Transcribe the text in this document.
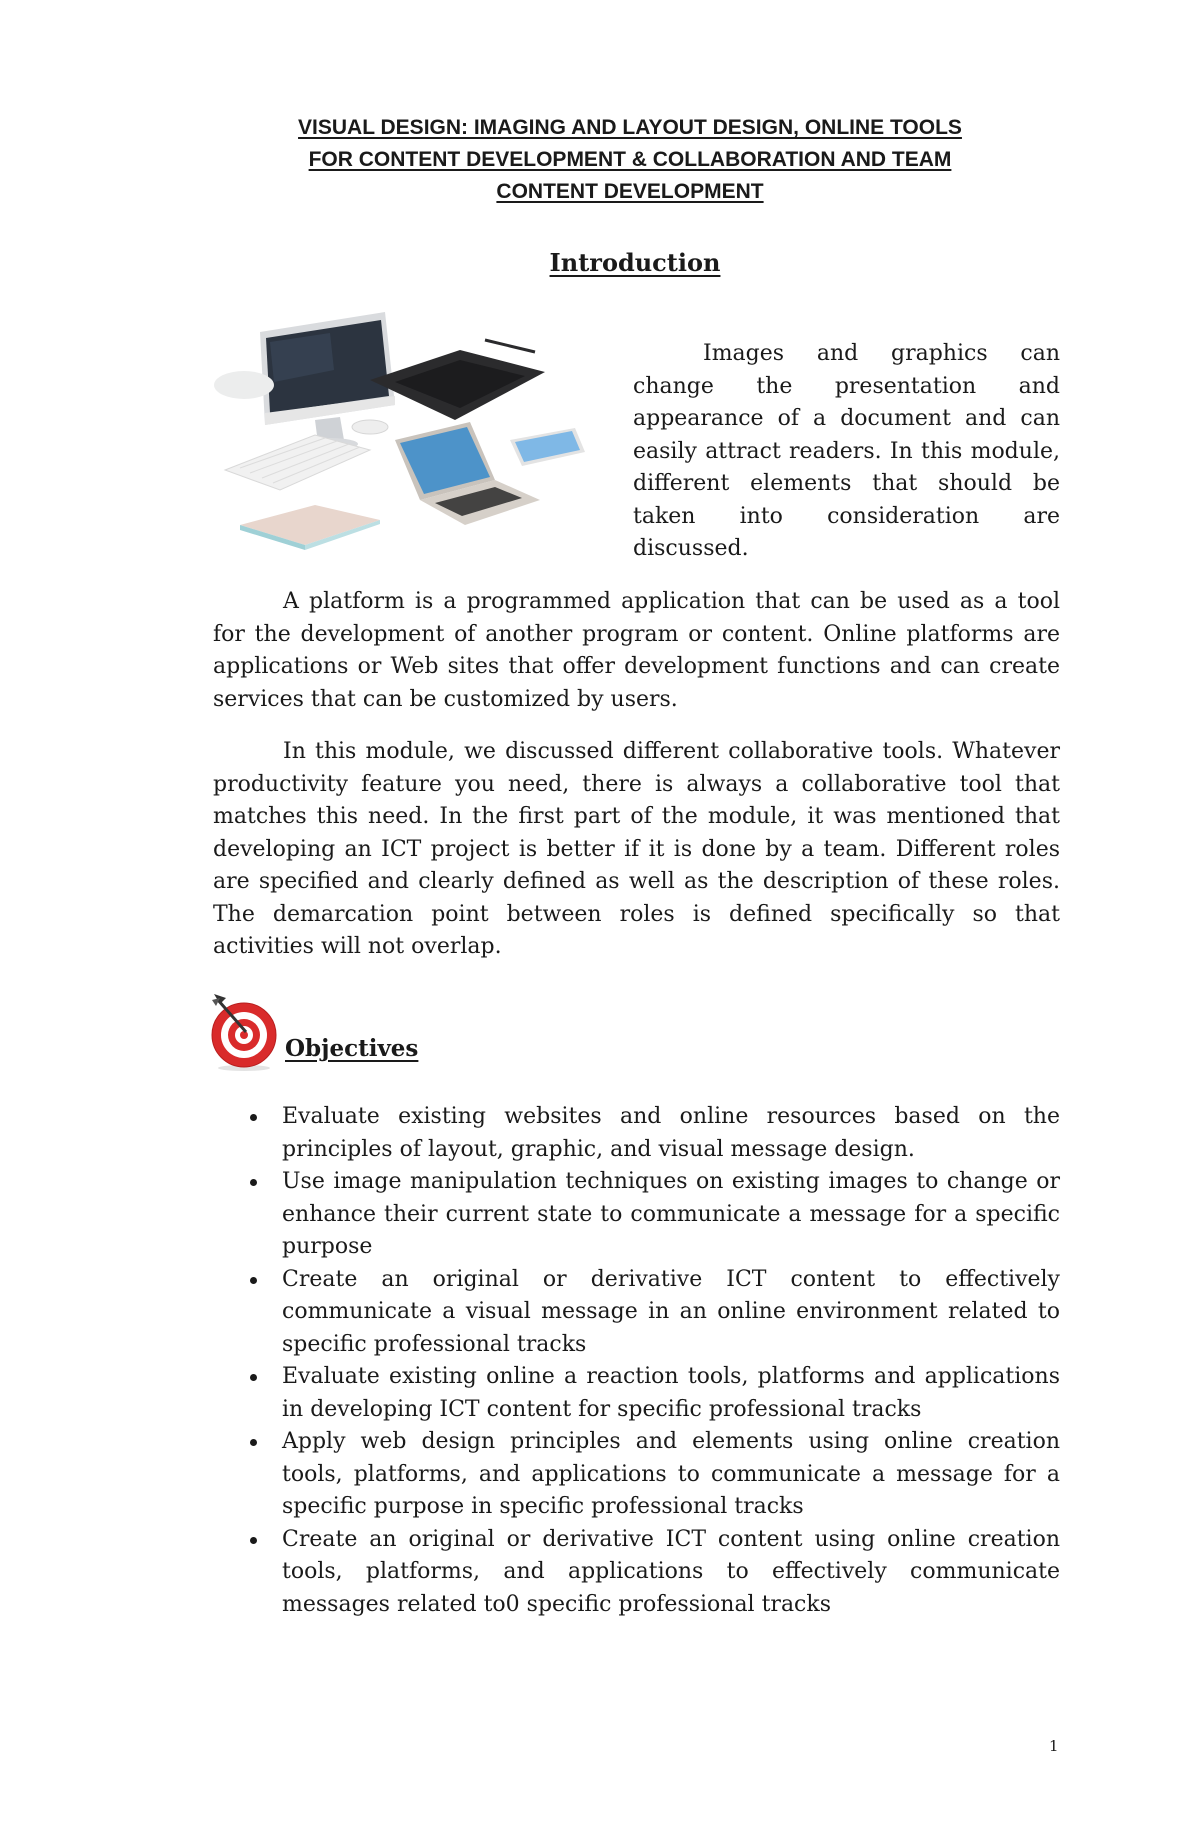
VISUAL DESIGN: IMAGING AND LAYOUT DESIGN, ONLINE TOOLS
FOR CONTENT DEVELOPMENT & COLLABORATION AND TEAM
CONTENT DEVELOPMENT
Introduction
Images and graphics can change the presentation and appearance of a document and can easily attract readers. In this module, different elements that should be taken into consideration are discussed.
A platform is a programmed application that can be used as a tool for the development of another program or content. Online platforms are applications or Web sites that offer development functions and can create services that can be customized by users.
In this module, we discussed different collaborative tools. Whatever productivity feature you need, there is always a collaborative tool that matches this need. In the first part of the module, it was mentioned that developing an ICT project is better if it is done by a team. Different roles are specified and clearly defined as well as the description of these roles. The demarcation point between roles is defined specifically so that activities will not overlap.
Objectives
Evaluate existing websites and online resources based on the principles of layout, graphic, and visual message design.
Use image manipulation techniques on existing images to change or enhance their current state to communicate a message for a specific purpose
Create an original or derivative ICT content to effectively communicate a visual message in an online environment related to specific professional tracks
Evaluate existing online a reaction tools, platforms and applications in developing ICT content for specific professional tracks
Apply web design principles and elements using online creation tools, platforms, and applications to communicate a message for a specific purpose in specific professional tracks
Create an original or derivative ICT content using online creation tools, platforms, and applications to effectively communicate messages related to0 specific professional tracks
1
